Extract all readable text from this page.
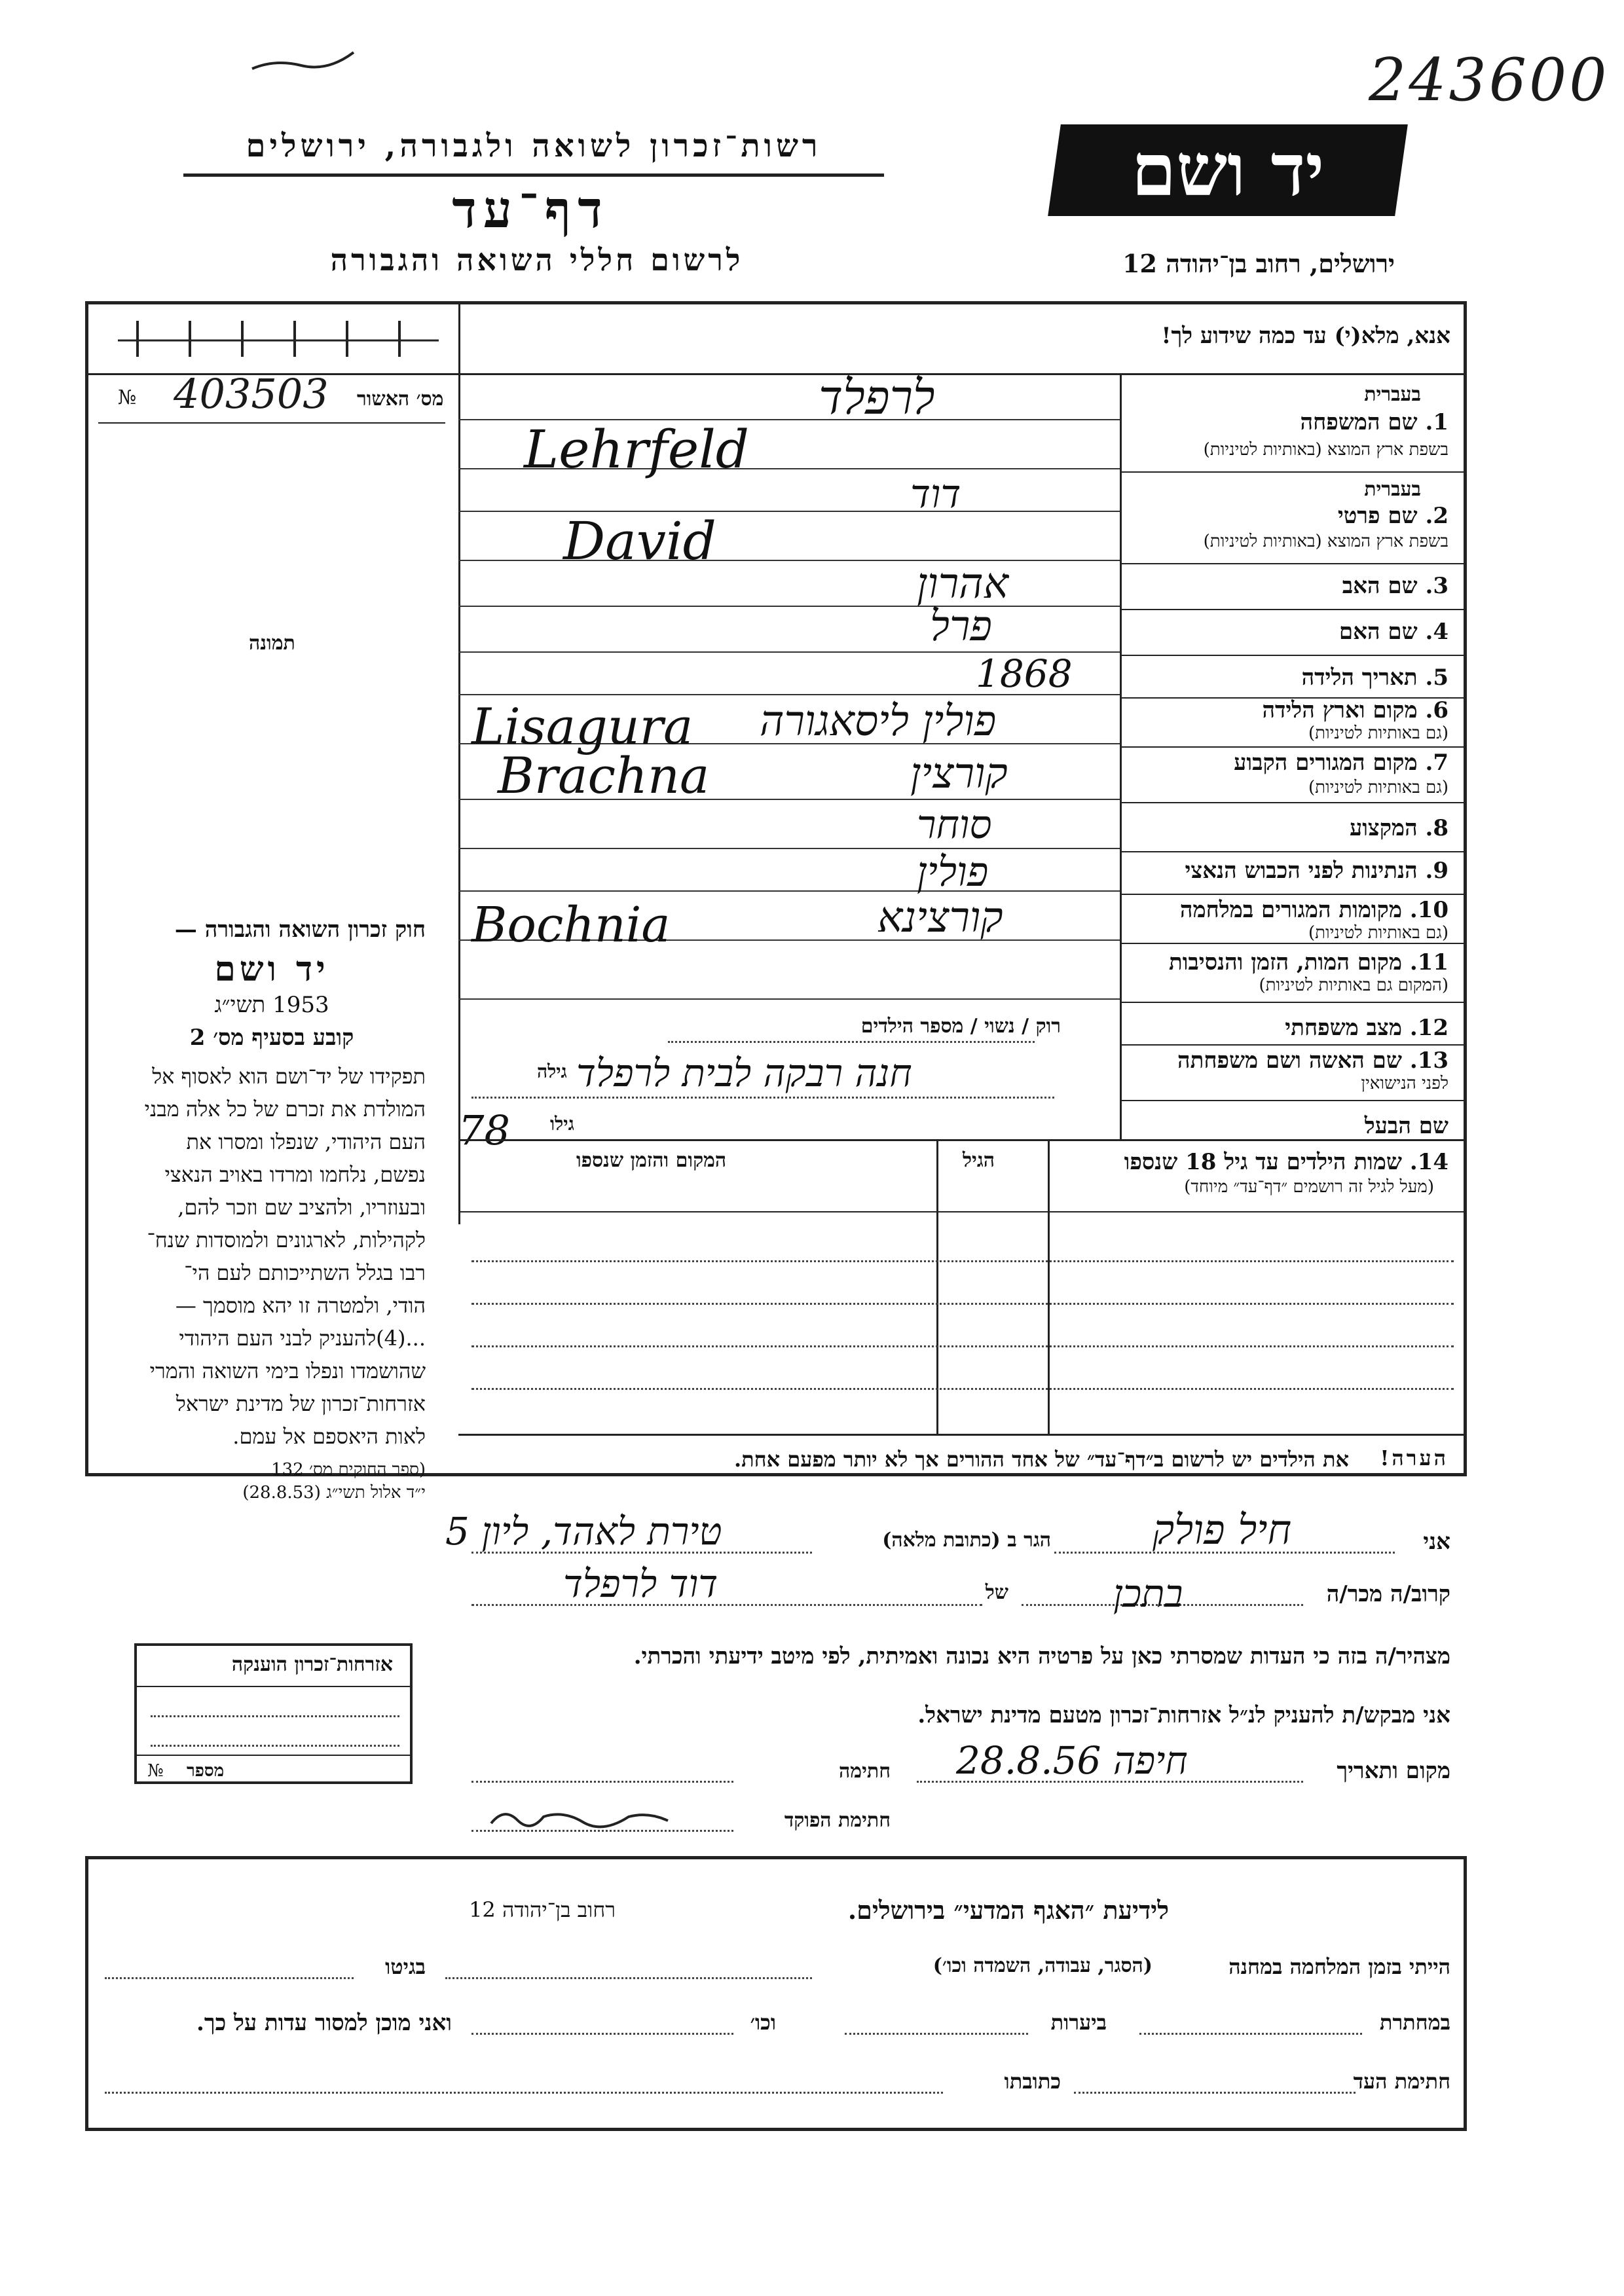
243600
רשות־זכרון לשואה ולגבורה, ירושלים
דף־עד
לרשום חללי השואה והגבורה
יד ושם
ירושלים, רחוב בן־יהודה 12
אנא, מלא(י) עד כמה שידוע לך!
№ 403503 מס׳ האשור
תמונה
בעברית
1. שם המשפחה
בשפת ארץ המוצא (באותיות לטיניות)
לרפלד
Lehrfeld
בעברית
2. שם פרטי
בשפת ארץ המוצא (באותיות לטיניות)
דוד
David
3. שם האב
אהרון
4. שם האם
פרל
5. תאריך הלידה
1868
6. מקום וארץ הלידה
(גם באותיות לטיניות)
פולין ליסאגורה
Lisagura
7. מקום המגורים הקבוע
(גם באותיות לטיניות)
קורצין
Brachna
8. המקצוע
סוחר
9. הנתינות לפני הכבוש הנאצי
פולין
10. מקומות המגורים במלחמה
(גם באותיות לטיניות)
קורצינא
Bochnia
11. מקום המות, הזמן והנסיבות
(המקום גם באותיות לטיניות)
12. מצב משפחתי
רוק / נשוי / מספר הילדים
13. שם האשה ושם משפחתה
לפני הנישואין
חנה רבקה לבית לרפלד
גילה
שם הבעל
78 גילו
14. שמות הילדים עד גיל 18 שנספו
(מעל לגיל זה רושמים ״דף־עד״ מיוחד)
הגיל
המקום והזמן שנספו
הערה!
את הילדים יש לרשום ב״דף־עד״ של אחד ההורים אך לא יותר מפעם אחת.
חוק זכרון השואה והגבורה —
יד ושם
1953 תשי״ג
קובע בסעיף מס׳ 2
תפקידו של יד־ושם הוא לאסוף אל
המולדת את זכרם של כל אלה מבני
העם היהודי, שנפלו ומסרו את
נפשם, נלחמו ומרדו באויב הנאצי
ובעוזריו, ולהציב שם וזכר להם,
לקהילות, לארגונים ולמוסדות שנח־
רבו בגלל השתייכותם לעם הי־
הודי, ולמטרה זו יהא מוסמך —
...(4)להעניק לבני העם היהודי
שהושמדו ונפלו בימי השואה והמרי
אזרחות־זכרון של מדינת ישראל
לאות היאספם אל עמם.
(ספר החוקים מס׳ 132
י״ד אלול תשי״ג (28.8.53)
אני
חיל פולק
הגר ב (כתובת מלאה)
טירת לאהד, ליון 5
קרוב/ה מכר/ה
בתכן
של
דוד לרפלד
מצהיר/ה בזה כי העדות שמסרתי כאן על פרטיה היא נכונה ואמיתית, לפי מיטב ידיעתי והכרתי.
אני מבקש/ת להעניק לנ״ל אזרחות־זכרון מטעם מדינת ישראל.
מקום ותאריך
חיפה 28.8.56
חתימה
חתימת הפוקד
אזרחות־זכרון הוענקה
№ מספר
לידיעת ״האגף המדעי״ בירושלים.
רחוב בן־יהודה 12
הייתי בזמן המלחמה במחנה
(הסגר, עבודה, השמדה וכו׳)
בגיטו
במחתרת
ביערות
וכו׳
ואני מוכן למסור עדות על כך.
חתימת העד
כתובתו
